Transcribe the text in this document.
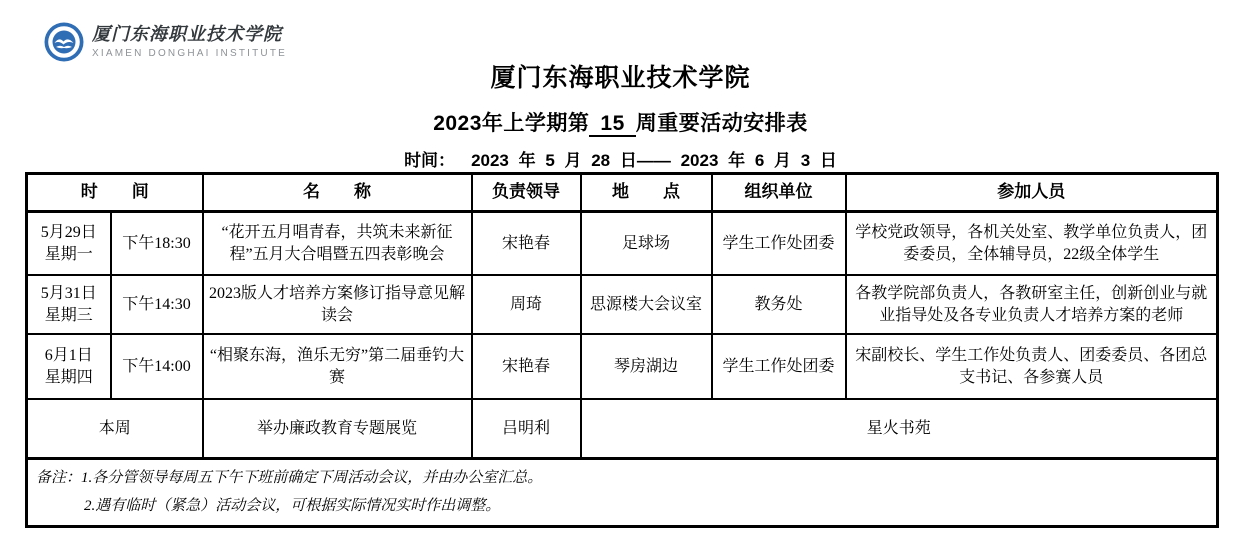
厦门东海职业技术学院
XIAMEN DONGHAI INSTITUTE
厦门东海职业技术学院
2023年上学期第 15 周重要活动安排表
时间： 2023 年 5 月 28 日—— 2023 年 6 月 3 日
时　　间		名　　称	负责领导	地　　点	组织单位	参加人员

5月29日
星期一	下午18:30	“花开五月唱青春，共筑未来新征程”五月大合唱暨五四表彰晚会	宋艳春	足球场	学生工作处团委	学校党政领导，各机关处室、教学单位负责人，团委委员，全体辅导员，22级全体学生

5月31日
星期三	下午14:30	2023版人才培养方案修订指导意见解读会	周琦	思源楼大会议室	教务处	各教学院部负责人，各教研室主任，创新创业与就业指导处及各专业负责人才培养方案的老师

6月1日
星期四	下午14:00	“相聚东海，渔乐无穷”第二届垂钓大赛	宋艳春	琴房湖边	学生工作处团委	宋副校长、学生工作处负责人、团委委员、各团总支书记、各参赛人员
本周		举办廉政教育专题展览	吕明利	星火书苑		

备注：1.各分管领导每周五下午下班前确定下周活动会议，并由办公室汇总。
2.遇有临时（紧急）活动会议，可根据实际情况实时作出调整。						
